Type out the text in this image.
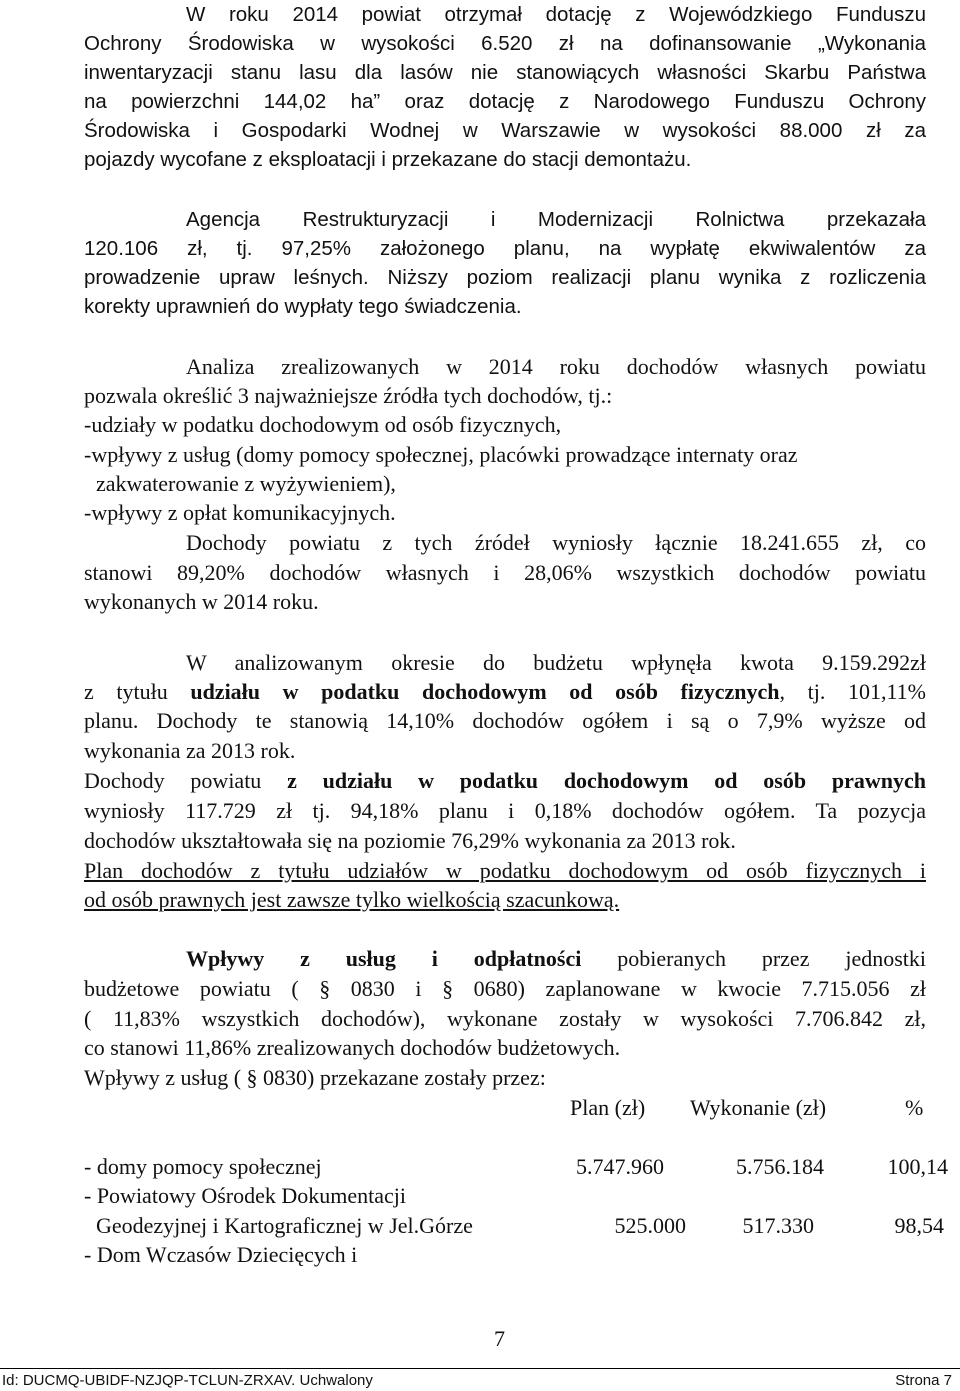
W roku 2014 powiat otrzymał dotację z Wojewódzkiego Funduszu

Ochrony Środowiska w wysokości 6.520 zł na dofinansowanie „Wykonania

inwentaryzacji stanu lasu dla lasów nie stanowiących własności Skarbu Państwa

na powierzchni 144,02 ha” oraz dotację z Narodowego Funduszu Ochrony

Środowiska i Gospodarki Wodnej w Warszawie w wysokości 88.000 zł za

pojazdy wycofane z eksploatacji i przekazane do stacji demontażu.

Agencja Restrukturyzacji i Modernizacji Rolnictwa przekazała

120.106 zł, tj. 97,25% założonego planu, na wypłatę ekwiwalentów za

prowadzenie upraw leśnych. Niższy poziom realizacji planu wynika z rozliczenia

korekty uprawnień do wypłaty tego świadczenia.

Analiza zrealizowanych w 2014 roku dochodów własnych powiatu

pozwala określić 3 najważniejsze źródła tych dochodów, tj.:

-udziały w podatku dochodowym od osób fizycznych,

-wpływy z usług (domy pomocy społecznej, placówki prowadzące internaty oraz

zakwaterowanie z wyżywieniem),

-wpływy z opłat komunikacyjnych.

Dochody powiatu z tych źródeł wyniosły łącznie 18.241.655 zł, co

stanowi 89,20% dochodów własnych i 28,06% wszystkich dochodów powiatu

wykonanych w 2014 roku.

W analizowanym okresie do budżetu wpłynęła kwota 9.159.292zł

z tytułu udziału w podatku dochodowym od osób fizycznych, tj. 101,11%

planu. Dochody te stanowią 14,10% dochodów ogółem i są o 7,9% wyższe od

wykonania za 2013 rok.

Dochody powiatu z udziału w podatku dochodowym od osób prawnych

wyniosły 117.729 zł tj. 94,18% planu i 0,18% dochodów ogółem. Ta pozycja

dochodów ukształtowała się na poziomie 76,29% wykonania za 2013 rok.

Plan dochodów z tytułu udziałów w podatku dochodowym od osób fizycznych i

od osób prawnych jest zawsze tylko wielkością szacunkową.

Wpływy z usług i odpłatności pobieranych przez jednostki

budżetowe powiatu ( § 0830 i § 0680) zaplanowane w kwocie 7.715.056 zł

( 11,83% wszystkich dochodów), wykonane zostały w wysokości 7.706.842 zł,

co stanowi 11,86% zrealizowanych dochodów budżetowych.

Wpływy z usług ( § 0830) przekazane zostały przez:

Plan (zł) Wykonanie (zł)	%
- domy pomocy społecznej	5.747.960	5.756.184	100,14
- Powiatowy Ośrodek Dokumentacji
Geodezyjnej i Kartograficznej w Jel.Górze	525.000	517.330	98,54
- Dom Wczasów Dziecięcych i
7
Id: DUCMQ-UBIDF-NZJQP-TCLUN-ZRXAV. Uchwalony	Strona 7
